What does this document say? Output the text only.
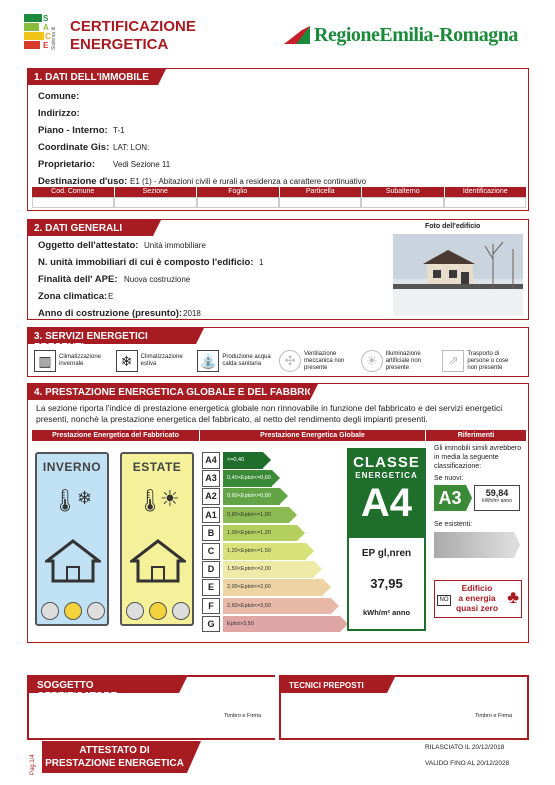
S
A
C
E Sistema di
CERTIFICAZIONE
ENERGETICA	RegioneEmilia-Romagna
1. DATI DELL'IMMOBILE
Comune:
Indirizzo:
Piano - Interno: T-1
Coordinate Gis: LAT: LON:
Proprietario: Vedi Sezione 11
Destinazione d'uso: E1 (1) - Abitazioni civili e rurali a residenza a carattere continuativo
Cod. Comune	Sezione	Foglio	Particella	Subalterno	Identificazione
2. DATI GENERALI
Oggetto dell'attestato: Unità immobiliare
N. unità immobiliari di cui è composto l'edificio: 1
Finalità dell' APE: Nuova costruzione
Zona climatica: E
Anno di costruzione (presunto): 2018
Foto dell'edificio
3. SERVIZI ENERGETICI PRESENTI
▥	Climatizzazione invernale	❄	Climatizzazione estiva	⛲ Produzione acqua calda sanitaria	✣	Ventilazione meccanica non presente	☀	Illuminazione artificiale non presente	⇗	Trasporto di persone o cose non presente
4. PRESTAZIONE ENERGETICA GLOBALE E DEL FABBRICATO
La sezione riporta l'indice di prestazione energetica globale non rinnovabile in funzione del fabbricato e dei servizi energetici presenti, nonchè la prestazione energetica del fabbricato, al netto del rendimento degli impianti presenti.
Prestazione Energetica del Fabbricato	Prestazione Energetica Globale	Riferimenti
INVERNO
🌡
❄
ESTATE
🌡
☀
A4	<=0,40
A3	0,40<Eptot<=0,60
A2	0,60<Eptot<=0,80
A1	0,80<Eptot<=1,00
B	1,00<Eptot<=1,20
C	1,20<Eptot<=1,50
D	1,50<Eptot<=2,00
E	2,00<Eptot<=2,60
F	2,60<Eptot<=3,50
G	Eptot>3,50
CLASSE
ENERGETICA
A4
EP gl,nren
37,95
kWh/m² anno
Gli immobili simili avrebbero in media la seguente classificazione:
Se nuovi:
A3	59,84
kWh/m² anno
Se esistenti:
NO
Edificio
a energia
quasi zero
♣
SOGGETTO CERTIFICATORE
Timbro e Firma
TECNICI PREPOSTI
Timbro e Firma
Pag.1/4
ATTESTATO DI
PRESTAZIONE ENERGETICA
RILASCIATO IL 20/12/2018
VALIDO FINO AL 20/12/2028
